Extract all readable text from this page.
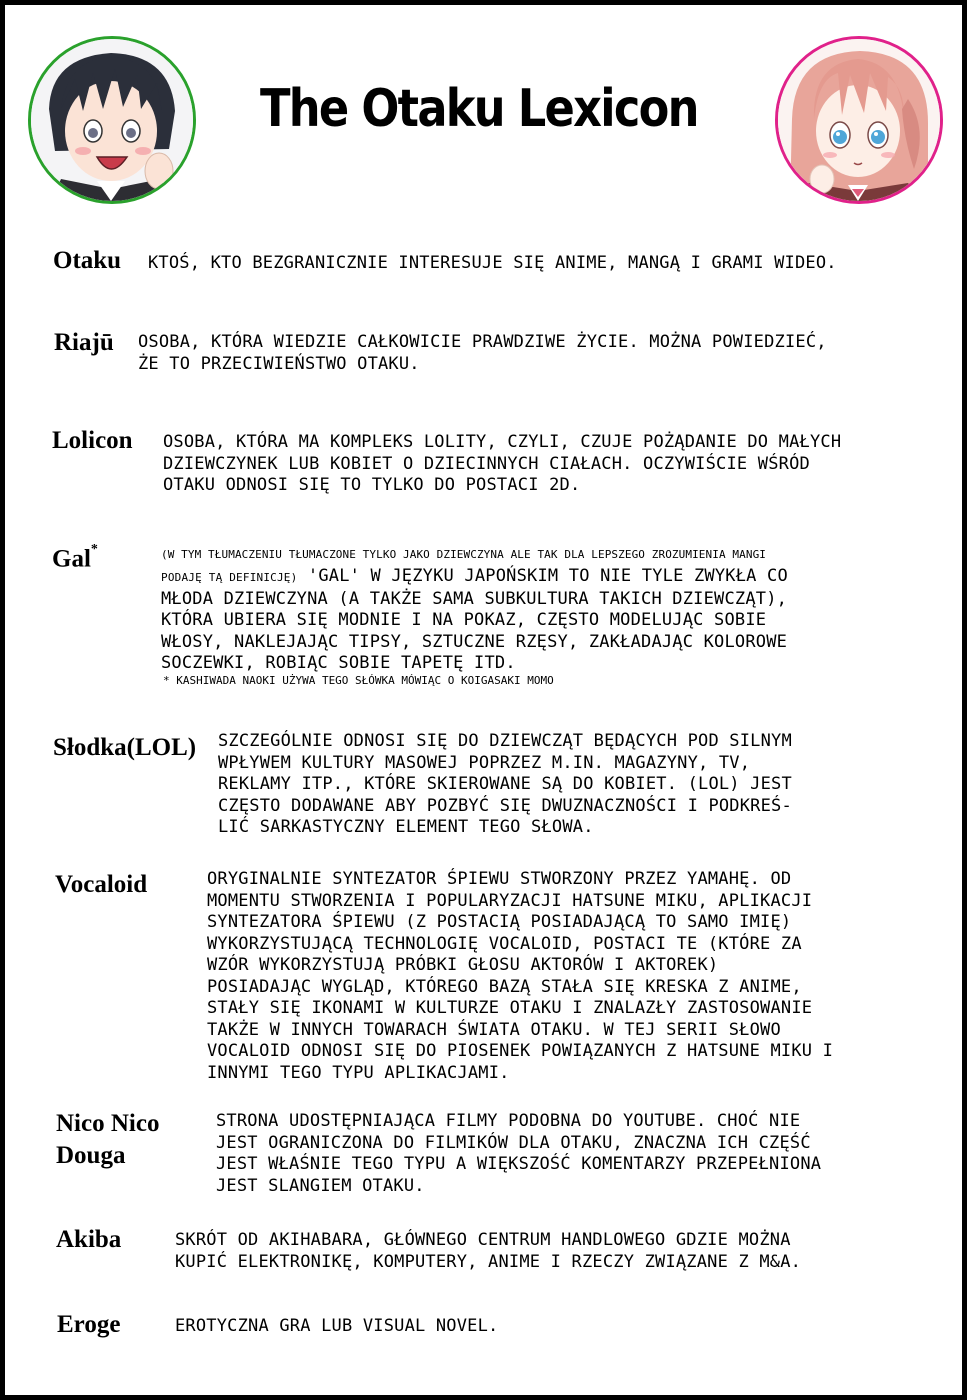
The Otaku Lexicon
Otaku KTOŚ, KTO BEZGRANICZNIE INTERESUJE SIĘ ANIME, MANGĄ I GRAMI WIDEO.
Riajū OSOBA, KTÓRA WIEDZIE CAŁKOWICIE PRAWDZIWE ŻYCIE. MOŻNA POWIEDZIEĆ,
ŻE TO PRZECIWIEŃSTWO OTAKU.
Lolicon OSOBA, KTÓRA MA KOMPLEKS LOLITY, CZYLI, CZUJE POŻĄDANIE DO MAŁYCH
DZIEWCZYNEK LUB KOBIET O DZIECINNYCH CIAŁACH. OCZYWIŚCIE WŚRÓD
OTAKU ODNOSI SIĘ TO TYLKO DO POSTACI 2D.
Gal*	(W TYM TŁUMACZENIU TŁUMACZONE TYLKO JAKO DZIEWCZYNA ALE TAK DLA LEPSZEGO ZROZUMIENIA MANGI
PODAJĘ TĄ DEFINICJĘ) 'GAL' W JĘZYKU JAPOŃSKIM TO NIE TYLE ZWYKŁA CO
MŁODA DZIEWCZYNA (A TAKŻE SAMA SUBKULTURA TAKICH DZIEWCZĄT),
KTÓRA UBIERA SIĘ MODNIE I NA POKAZ, CZĘSTO MODELUJĄC SOBIE
WŁOSY, NAKLEJAJĄC TIPSY, SZTUCZNE RZĘSY, ZAKŁADAJĄC KOLOROWE
SOCZEWKI, ROBIĄC SOBIE TAPETĘ ITD.
* KASHIWADA NAOKI UŻYWA TEGO SŁÓWKA MÓWIĄC O KOIGASAKI MOMO
Słodka(LOL) SZCZEGÓLNIE ODNOSI SIĘ DO DZIEWCZĄT BĘDĄCYCH POD SILNYM
WPŁYWEM KULTURY MASOWEJ POPRZEZ M.IN. MAGAZYNY, TV,
REKLAMY ITP., KTÓRE SKIEROWANE SĄ DO KOBIET. (LOL) JEST
CZĘSTO DODAWANE ABY POZBYĆ SIĘ DWUZNACZNOŚCI I PODKREŚ-
LIĆ SARKASTYCZNY ELEMENT TEGO SŁOWA.
Vocaloid	ORYGINALNIE SYNTEZATOR ŚPIEWU STWORZONY PRZEZ YAMAHĘ. OD
MOMENTU STWORZENIA I POPULARYZACJI HATSUNE MIKU, APLIKACJI
SYNTEZATORA ŚPIEWU (Z POSTACIĄ POSIADAJĄCĄ TO SAMO IMIĘ)
WYKORZYSTUJĄCĄ TECHNOLOGIĘ VOCALOID, POSTACI TE (KTÓRE ZA
WZÓR WYKORZYSTUJĄ PRÓBKI GŁOSU AKTORÓW I AKTOREK)
POSIADAJĄC WYGLĄD, KTÓREGO BAZĄ STAŁA SIĘ KRESKA Z ANIME,
STAŁY SIĘ IKONAMI W KULTURZE OTAKU I ZNALAZŁY ZASTOSOWANIE
TAKŻE W INNYCH TOWARACH ŚWIATA OTAKU. W TEJ SERII SŁOWO
VOCALOID ODNOSI SIĘ DO PIOSENEK POWIĄZANYCH Z HATSUNE MIKU I
INNYMI TEGO TYPU APLIKACJAMI.
Nico Nico
Douga
STRONA UDOSTĘPNIAJĄCA FILMY PODOBNA DO YOUTUBE. CHOĆ NIE
JEST OGRANICZONA DO FILMIKÓW DLA OTAKU, ZNACZNA ICH CZĘŚĆ
JEST WŁAŚNIE TEGO TYPU A WIĘKSZOŚĆ KOMENTARZY PRZEPEŁNIONA
JEST SLANGIEM OTAKU.
Akiba	SKRÓT OD AKIHABARA, GŁÓWNEGO CENTRUM HANDLOWEGO GDZIE MOŻNA
KUPIĆ ELEKTRONIKĘ, KOMPUTERY, ANIME I RZECZY ZWIĄZANE Z M&A.
Eroge	EROTYCZNA GRA LUB VISUAL NOVEL.
